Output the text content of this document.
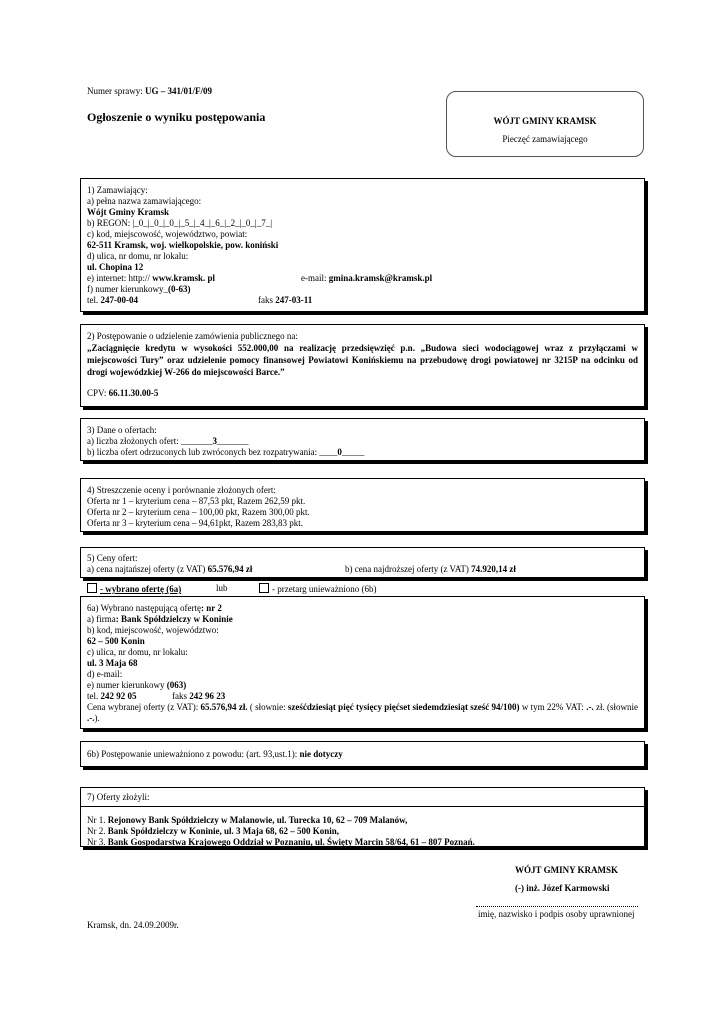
Numer sprawy: UG – 341/01/F/09
Ogłoszenie o wyniku postępowania	WÓJT GMINY KRAMSK
Pieczęć zamawiającego
1) Zamawiający:
a) pełna nazwa zamawiającego:
Wójt Gminy Kramsk
b) REGON: |_0_|_0_|_0_|_5_|_4_|_6_|_2_|_0_|_7_|
c) kod, miejscowość, województwo, powiat:
62-511 Kramsk, woj. wielkopolskie, pow. koniński
d) ulica, nr domu, nr lokalu:
ul. Chopina 12
e) internet: http:// www.kramsk. pl	e-mail: gmina.kramsk@kramsk.pl
f) numer kierunkowy_(0-63)
tel. 247-00-04	faks 247-03-11
2) Postępowanie o udzielenie zamówienia publicznego na:
„Zaciągnięcie kredytu w wysokości 552.000,00 na realizację przedsięwzięć p.n. „Budowa sieci wodociągowej wraz z przyłączami w miejscowości Tury” oraz udzielenie pomocy finansowej Powiatowi Konińskiemu na przebudowę drogi powiatowej nr 3215P na odcinku od drogi wojewódzkiej W-266 do miejscowości Barce.”
CPV: 66.11.30.00-5
3) Dane o ofertach:
a) liczba złożonych ofert: _______3_______
b) liczba ofert odrzuconych lub zwróconych bez rozpatrywania: ____0_____
4) Streszczenie oceny i porównanie złożonych ofert:
Oferta nr 1 – kryterium cena – 87,53 pkt, Razem 262,59 pkt.
Oferta nr 2 – kryterium cena – 100,00 pkt, Razem 300,00 pkt.
Oferta nr 3 – kryterium cena – 94,61pkt, Razem 283,83 pkt.
5) Ceny ofert:
a) cena najtańszej oferty (z VAT) 65.576,94 zł	b) cena najdroższej oferty (z VAT) 74.920,14 zł
- wybrano ofertę (6a)	lub	- przetarg unieważniono (6b)
6a) Wybrano następującą ofertę: nr 2
a) firma: Bank Spółdzielczy w Koninie
b) kod, miejscowość, województwo:
62 – 500 Konin
c) ulica, nr domu, nr lokalu:
ul. 3 Maja 68
d) e-mail:
e) numer kierunkowy (063)
tel. 242 92 05	faks 242 96 23
Cena wybranej oferty (z VAT): 65.576,94 zł. ( słownie: sześćdziesiąt pięć tysięcy pięćset siedemdziesiąt sześć 94/100) w tym 22% VAT: .-. zł. (słownie .-.).
6b) Postępowanie unieważniono z powodu: (art. 93,ust.1): nie dotyczy
7) Oferty złożyli:
Nr 1. Rejonowy Bank Spółdzielczy w Malanowie, ul. Turecka 10, 62 – 709 Malanów,
Nr 2. Bank Spółdzielczy w Koninie, ul. 3 Maja 68, 62 – 500 Konin,
Nr 3. Bank Gospodarstwa Krajowego Oddział w Poznaniu, ul. Święty Marcin 58/64, 61 – 807 Poznań.
WÓJT GMINY KRAMSK
(-) inż. Józef Karmowski
imię, nazwisko i podpis osoby uprawnionej
Kramsk, dn. 24.09.2009r.
